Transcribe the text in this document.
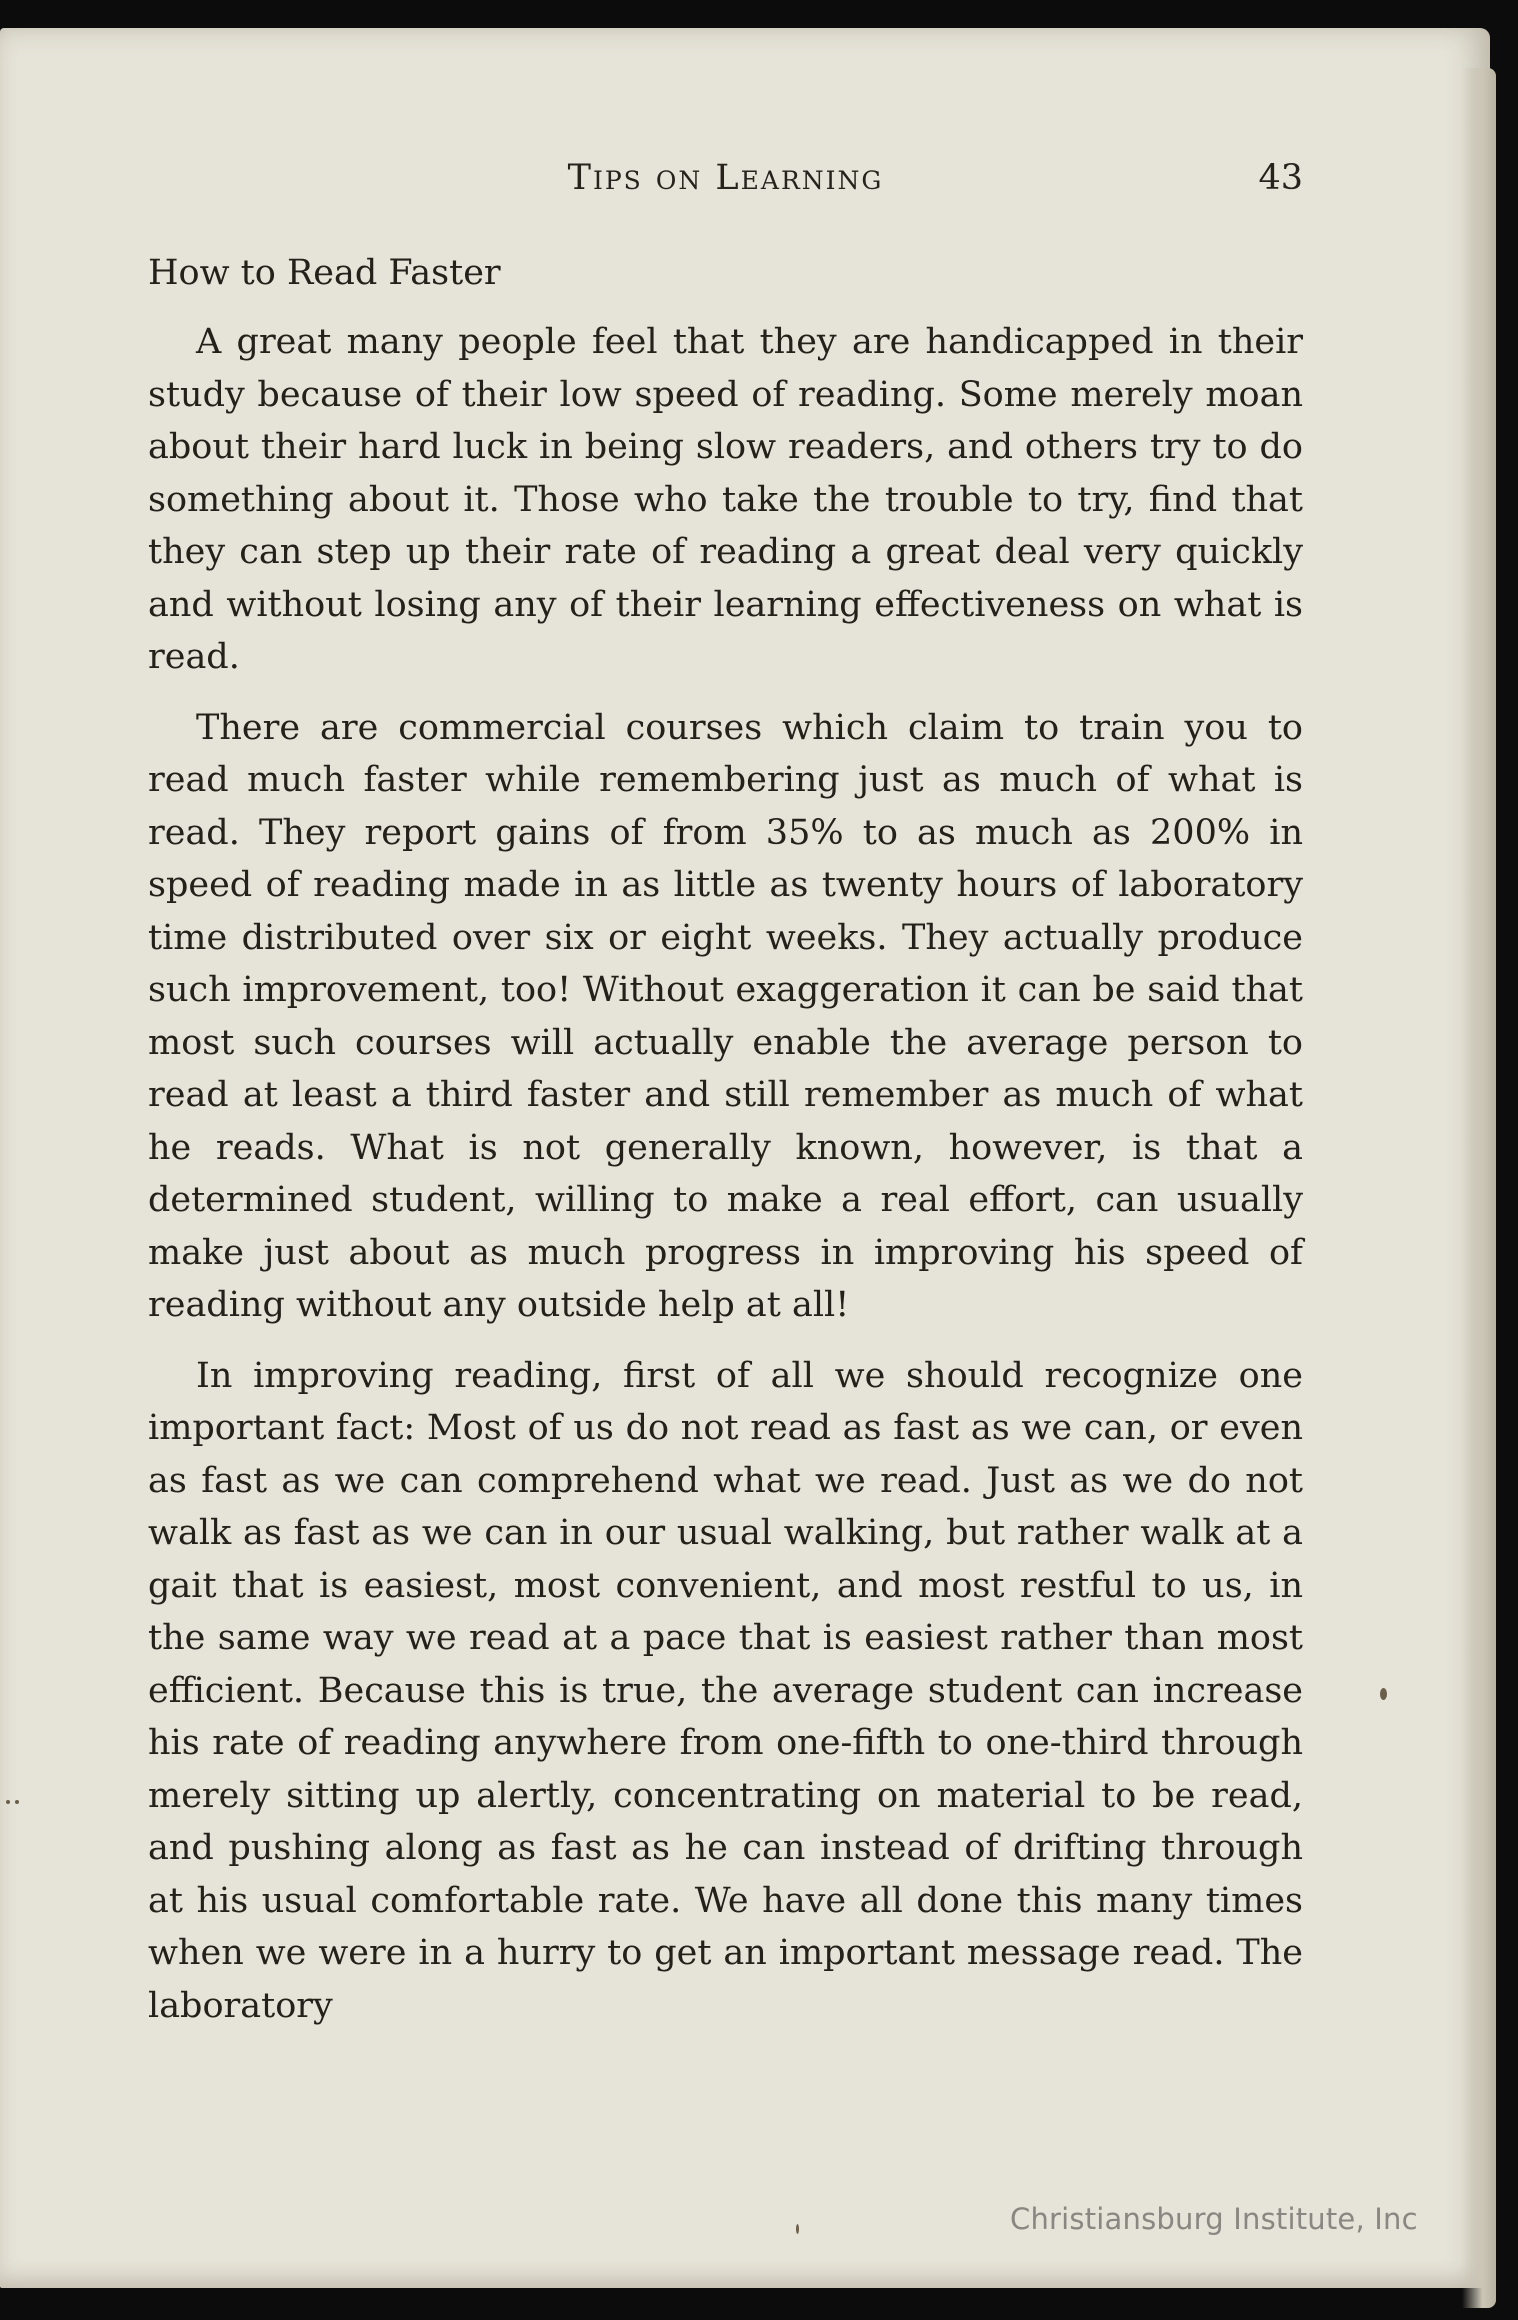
Tips on Learning	43
How to Read Faster

A great many people feel that they are handicapped in their study because of their low speed of reading. Some merely moan about their hard luck in being slow readers, and others try to do something about it. Those who take the trouble to try, find that they can step up their rate of reading a great deal very quickly and without losing any of their learning effectiveness on what is read.

There are commercial courses which claim to train you to read much faster while remembering just as much of what is read. They report gains of from 35% to as much as 200% in speed of reading made in as little as twenty hours of laboratory time distributed over six or eight weeks. They actually produce such improvement, too! Without exaggeration it can be said that most such courses will actually enable the average person to read at least a third faster and still remember as much of what he reads. What is not generally known, however, is that a determined student, willing to make a real effort, can usually make just about as much progress in improving his speed of reading without any outside help at all!

In improving reading, first of all we should recognize one important fact: Most of us do not read as fast as we can, or even as fast as we can comprehend what we read. Just as we do not walk as fast as we can in our usual walking, but rather walk at a gait that is easiest, most convenient, and most restful to us, in the same way we read at a pace that is easiest rather than most efficient. Because this is true, the average student can increase his rate of reading anywhere from one-fifth to one-third through merely sitting up alertly, concentrating on material to be read, and pushing along as fast as he can instead of drifting through at his usual comfortable rate. We have all done this many times when we were in a hurry to get an important message read. The laboratory

Christiansburg Institute, Inc
